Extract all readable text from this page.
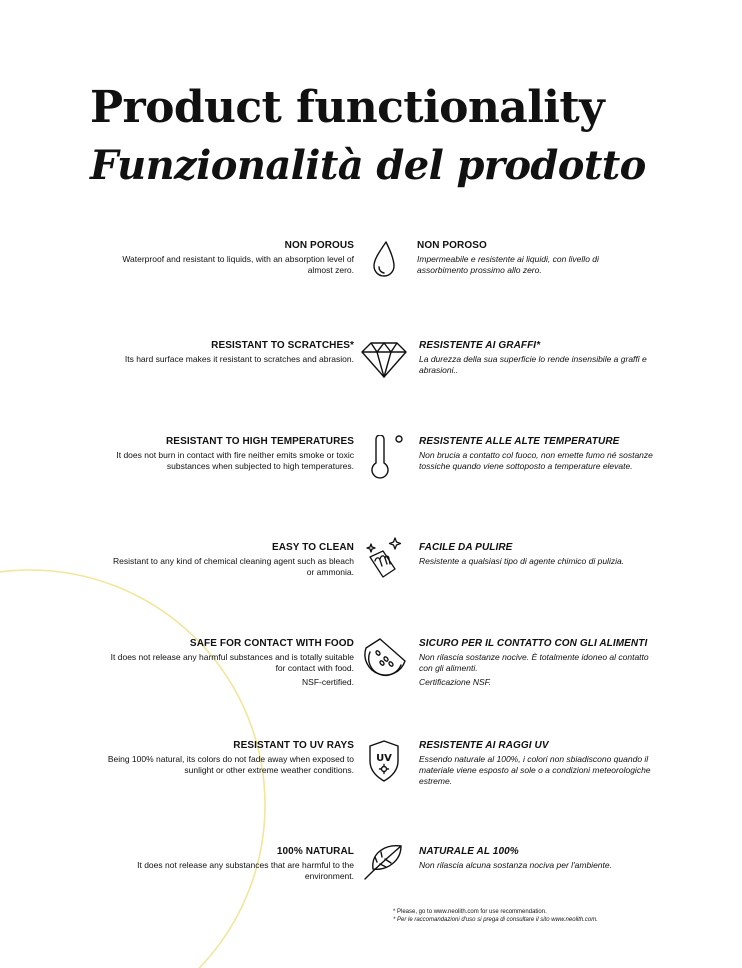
Product functionality
Funzionalità del prodotto
NON POROUS
Waterproof and resistant to liquids, with an absorption level of almost zero.
NON POROSO
Impermeabile e resistente ai liquidi, con livello di assorbimento prossimo allo zero.
RESISTANT TO SCRATCHES*
Its hard surface makes it resistant to scratches and abrasion.
RESISTENTE AI GRAFFI*
La durezza della sua superficie lo rende insensibile a graffi e abrasioni..
RESISTANT TO HIGH TEMPERATURES
It does not burn in contact with fire neither emits smoke or toxic substances when subjected to high temperatures.
RESISTENTE ALLE ALTE TEMPERATURE
Non brucia a contatto col fuoco, non emette fumo né sostanze tossiche quando viene sottoposto a temperature elevate.
EASY TO CLEAN
Resistant to any kind of chemical cleaning agent such as bleach or ammonia.
FACILE DA PULIRE
Resistente a qualsiasi tipo di agente chimico di pulizia.
SAFE FOR CONTACT WITH FOOD
It does not release any harmful substances and is totally suitable for contact with food.
NSF-certified.
SICURO PER IL CONTATTO CON GLI ALIMENTI
Non rilascia sostanze nocive. È totalmente idoneo al contatto con gli alimenti.
Certificazione NSF.
RESISTANT TO UV RAYS
Being 100% natural, its colors do not fade away when exposed to sunlight or other extreme weather conditions.
UV
RESISTENTE AI RAGGI UV
Essendo naturale al 100%, i colori non sbiadiscono quando il materiale viene esposto al sole o a condizioni meteorologiche estreme.
100% NATURAL
It does not release any substances that are harmful to the environment.
NATURALE AL 100%
Non rilascia alcuna sostanza nociva per l'ambiente.
* Please, go to www.neolith.com for use recommendation.
* Per le raccomandazioni d'uso si prega di consultare il sito www.neolith.com.
